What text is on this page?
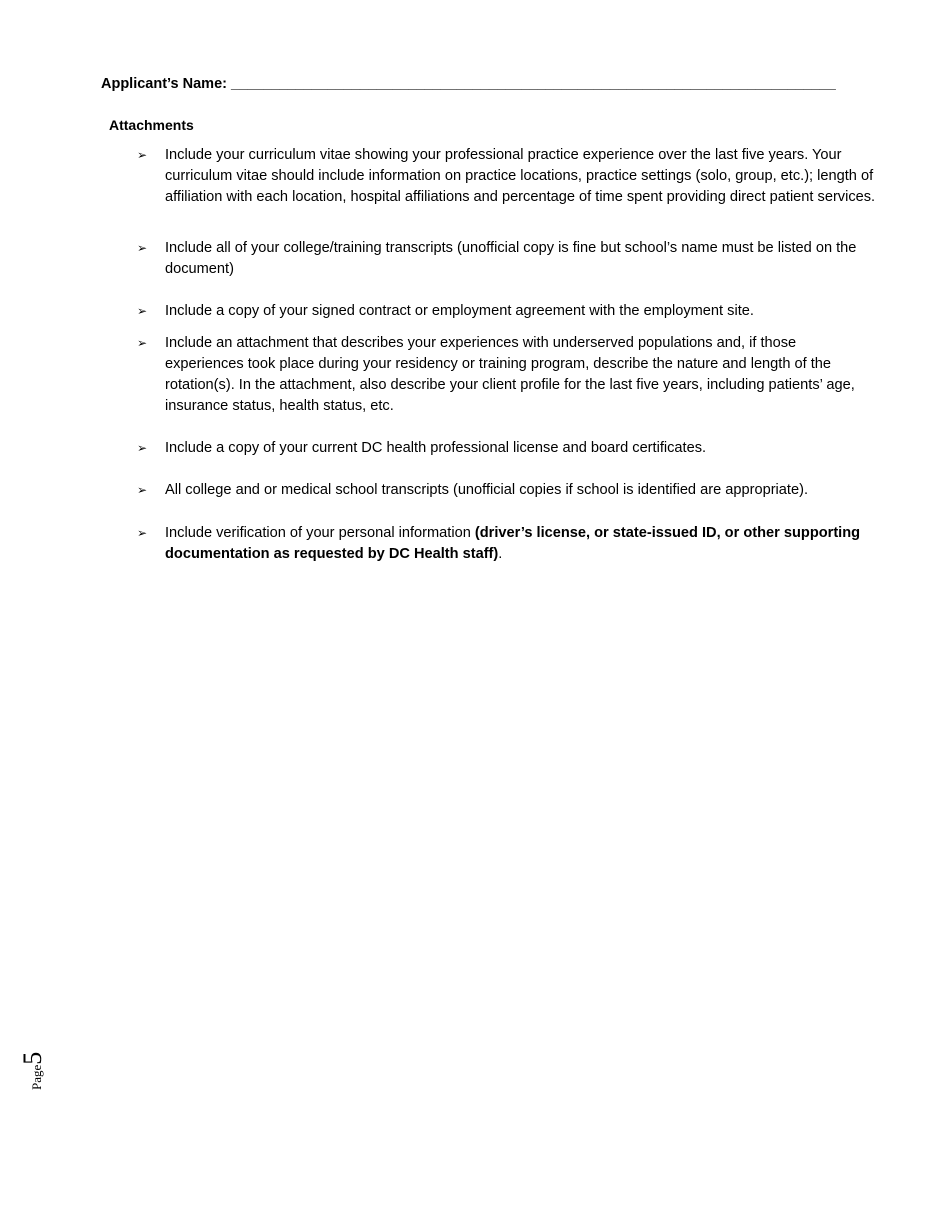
Applicant’s Name: ___________________________________________________________________________
Attachments
➢	Include your curriculum vitae showing your professional practice experience over the last five years. Your curriculum vitae should include information on practice locations, practice settings (solo, group, etc.); length of affiliation with each location, hospital affiliations and percentage of time spent providing direct patient services.
➢	Include all of your college/training transcripts (unofficial copy is fine but school’s name must be listed on the document)
➢	Include a copy of your signed contract or employment agreement with the employment site.
➢	Include an attachment that describes your experiences with underserved populations and, if those experiences took place during your residency or training program, describe the nature and length of the rotation(s). In the attachment, also describe your client profile for the last five years, including patients’ age, insurance status, health status, etc.
➢	Include a copy of your current DC health professional license and board certificates.
➢	All college and or medical school transcripts (unofficial copies if school is identified are appropriate).
➢	Include verification of your personal information (driver’s license, or state-issued ID, or other supporting documentation as requested by DC Health staff).
Page5
